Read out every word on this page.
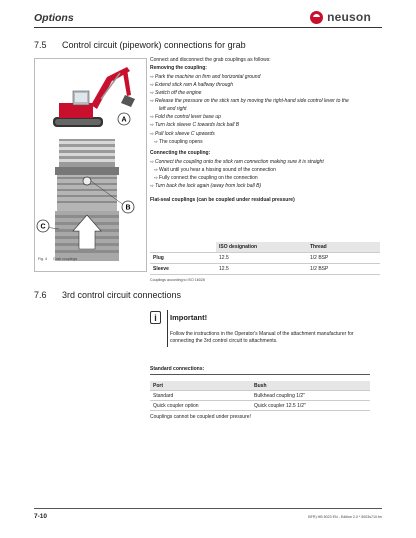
Options	neuson
7.5 Control circuit (pipework) connections for grab
A
B
C
Fig. 4 Grab couplings
Connect and disconnect the grab couplings as follows:
Removing the coupling:
⇨ Park the machine on firm and horizontal ground
⇨ Extend stick ram A halfway through
⇨ Switch off the engine
⇨ Release the pressure on the stick ram by moving the right-hand side control lever to the
left and right
⇨ Fold the control lever base up
⇨ Turn lock sleeve C towards lock ball B
⇨ Pull lock sleeve C upwards
⇨ The coupling opens
Connecting the coupling:
⇨ Connect the coupling onto the stick ram connection making sure it is straight
⇨ Wait until you hear a hissing sound of the connection
⇨ Fully connect the coupling on the connection
⇨ Turn back the lock again (away from lock ball B)
Flat-seal couplings (can be coupled under residual pressure)
	ISO designation	Thread
Plug	12.5	1/2 BSP
Sleeve	12.5	1/2 BSP
Couplings according to ISO 16028
7.6 3rd control circuit connections
i	Important!
Follow the instructions in the Operator's Manual of the attachment manufacturer for connecting the 3rd control circuit to attachments.
Standard connections:
Port	Bush
Standard	Bulkhead coupling 1/2"
Quick coupler option	Quick coupler 12.5 1/2"
Couplings cannot be coupled under pressure!
7-10	BFR) HB 5023 EN - Edition 2.0 * 5003s710.fm
